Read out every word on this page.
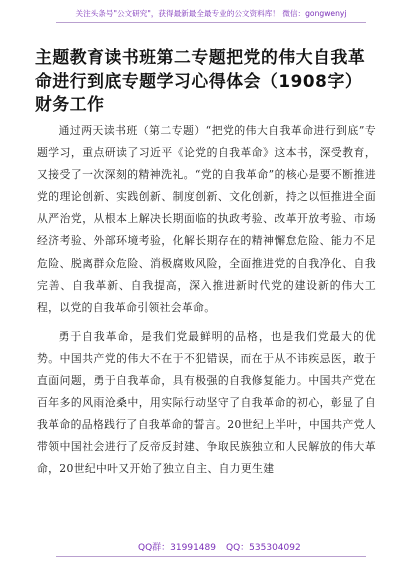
关注头条号"公文研究"，获得最新最全最专业的公文资料库！ 微信：gongwenyj
主题教育读书班第二专题把党的伟大自我革命进行到底专题学习心得体会（1908字）财务工作

通过两天读书班（第二专题）“把党的伟大自我革命进行到底”专题学习，重点研读了习近平《论党的自我革命》这本书，深受教育，又接受了一次深刻的精神洗礼。“党的自我革命”的核心是要不断推进党的理论创新、实践创新、制度创新、文化创新，持之以恒推进全面从严治党，从根本上解决长期面临的执政考验、改革开放考验、市场经济考验、外部环境考验，化解长期存在的精神懈怠危险、能力不足危险、脱离群众危险、消极腐败风险，全面推进党的自我净化、自我完善、自我革新、自我提高，深入推进新时代党的建设新的伟大工程，以党的自我革命引领社会革命。

勇于自我革命，是我们党最鲜明的品格，也是我们党最大的优势。中国共产党的伟大不在于不犯错误，而在于从不讳疾忌医，敢于直面问题，勇于自我革命，具有极强的自我修复能力。中国共产党在百年多的风雨沧桑中，用实际行动坚守了自我革命的初心，彰显了自我革命的品格践行了自我革命的誓言。20世纪上半叶，中国共产党人带领中国社会进行了反帝反封建、争取民族独立和人民解放的伟大革命，20世纪中叶又开始了独立自主、自力更生建

QQ群：31991489 QQ：535304092
